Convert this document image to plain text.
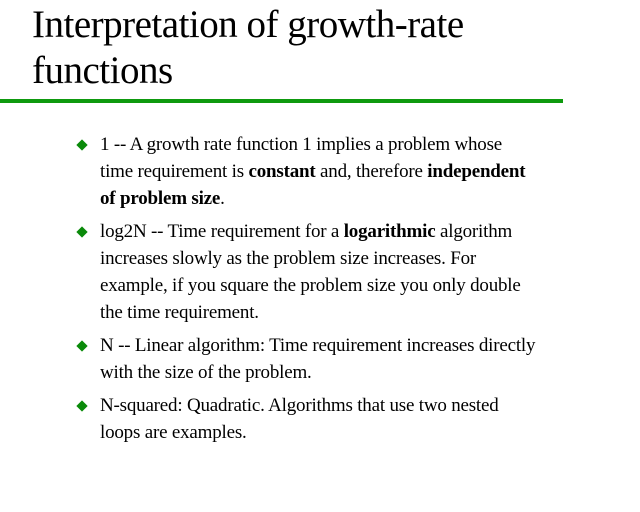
Interpretation of growth-rate
functions
1 -- A growth rate function 1 implies a problem whose
time requirement is constant and, therefore independent
of problem size.
log2N -- Time requirement for a logarithmic algorithm
increases slowly as the problem size increases. For
example, if you square the problem size you only double
the time requirement.
N -- Linear algorithm: Time requirement increases directly
with the size of the problem.
N-squared: Quadratic. Algorithms that use two nested
loops are examples.
